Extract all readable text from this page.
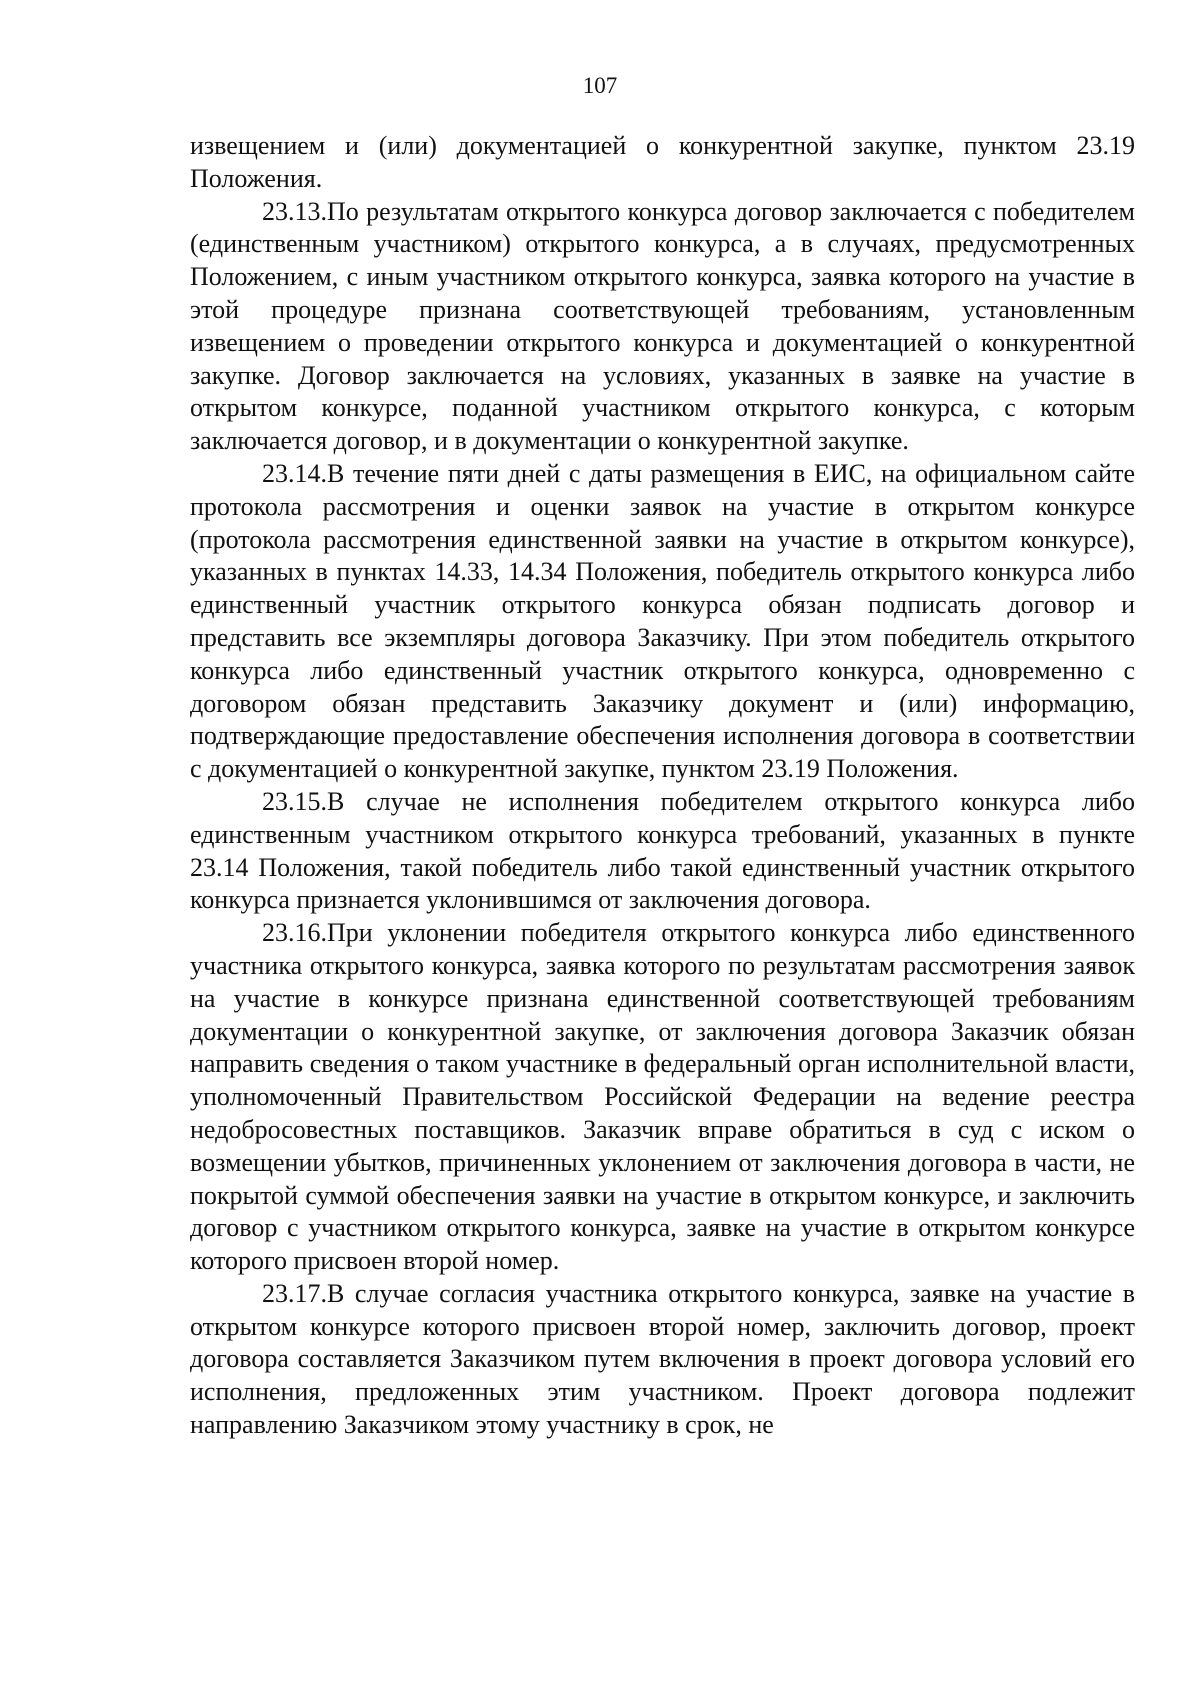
107

извещением и (или) документацией о конкурентной закупке, пунктом 23.19 Положения.

23.13.По результатам открытого конкурса договор заключается с победителем (единственным участником) открытого конкурса, а в случаях, предусмотренных Положением, с иным участником открытого конкурса, заявка которого на участие в этой процедуре признана соответствующей требованиям, установленным извещением о проведении открытого конкурса и документацией о конкурентной закупке. Договор заключается на условиях, указанных в заявке на участие в открытом конкурсе, поданной участником открытого конкурса, с которым заключается договор, и в документации о конкурентной закупке.

23.14.В течение пяти дней с даты размещения в ЕИС, на официальном сайте протокола рассмотрения и оценки заявок на участие в открытом конкурсе (протокола рассмотрения единственной заявки на участие в открытом конкурсе), указанных в пунктах 14.33, 14.34 Положения, победитель открытого конкурса либо единственный участник открытого конкурса обязан подписать договор и представить все экземпляры договора Заказчику. При этом победитель открытого конкурса либо единственный участник открытого конкурса, одновременно с договором обязан представить Заказчику документ и (или) информацию, подтверждающие предоставление обеспечения исполнения договора в соответствии с документацией о конкурентной закупке, пунктом 23.19 Положения.

23.15.В случае не исполнения победителем открытого конкурса либо единственным участником открытого конкурса требований, указанных в пункте 23.14 Положения, такой победитель либо такой единственный участник открытого конкурса признается уклонившимся от заключения договора.

23.16.При уклонении победителя открытого конкурса либо единственного участника открытого конкурса, заявка которого по результатам рассмотрения заявок на участие в конкурсе признана единственной соответствующей требованиям документации о конкурентной закупке, от заключения договора Заказчик обязан направить сведения о таком участнике в федеральный орган исполнительной власти, уполномоченный Правительством Российской Федерации на ведение реестра недобросовестных поставщиков. Заказчик вправе обратиться в суд с иском о возмещении убытков, причиненных уклонением от заключения договора в части, не покрытой суммой обеспечения заявки на участие в открытом конкурсе, и заключить договор с участником открытого конкурса, заявке на участие в открытом конкурсе которого присвоен второй номер.

23.17.В случае согласия участника открытого конкурса, заявке на участие в открытом конкурсе которого присвоен второй номер, заключить договор, проект договора составляется Заказчиком путем включения в проект договора условий его исполнения, предложенных этим участником. Проект договора подлежит направлению Заказчиком этому участнику в срок, не
